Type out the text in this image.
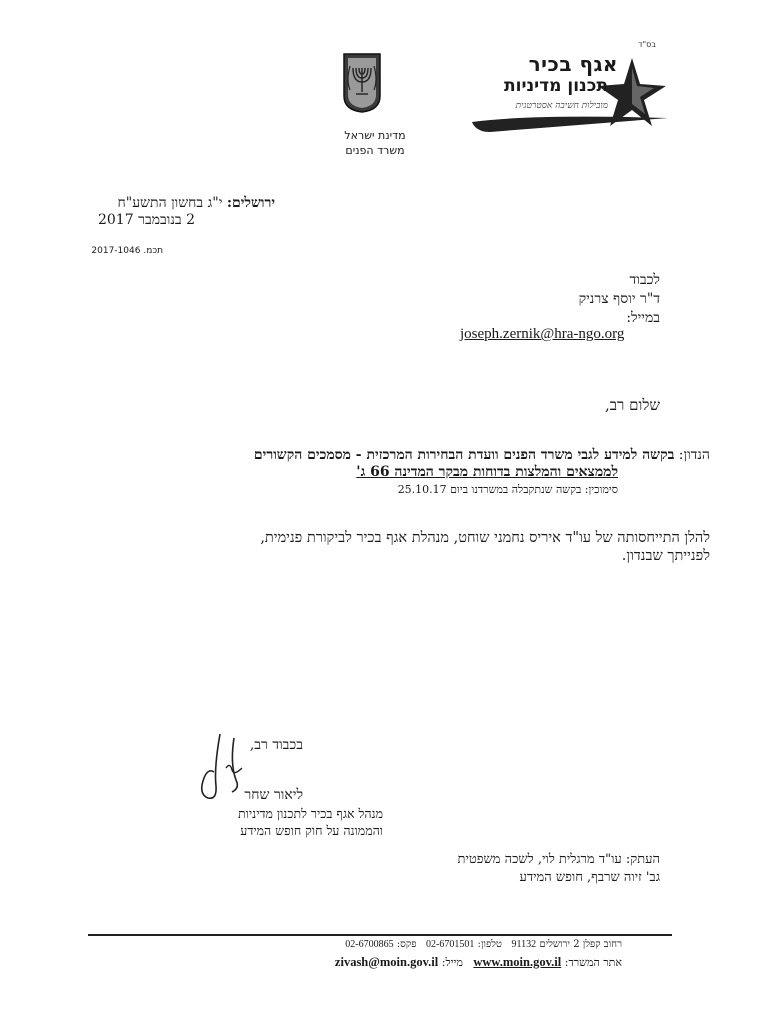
בס"ד
מדינת ישראל
משרד הפנים
אגף בכיר
תכנון מדיניות
מובילות חשיבה אסטרטגית
ירושלים: י"ג בחשון התשע"ח
2 בנובמבר 2017
תכמ. 2017-1046
לכבוד
ד"ר יוסף צרניק
במייל:
joseph.zernik@hra-ngo.org
שלום רב,
הנדון: בקשה למידע לגבי משרד הפנים וועדת הבחירות המרכזית - מסמכים הקשורים
לממצאים והמלצות בדוחות מבקר המדינה 66 ג'
סימוכין: בקשה שנתקבלה במשרדנו ביום 25.10.17
להלן התייחסותה של עו"ד איריס נחמני שוחט, מנהלת אגף בכיר לביקורת פנימית,
לפנייתך שבנדון.
בכבוד רב,
ליאור שחר
מנהל אגף בכיר לתכנון מדיניות
והממונה על חוק חופש המידע
העתק: עו"ד מרגלית לוי, לשכה משפטית
גב' זיוה שרבף, חופש המידע
רחוב קפלן 2 ירושלים 91132   טלפון: 02-6701501   פקס: 02-6700865
אתר המשרד: www.moin.gov.il   מייל: zivash@moin.gov.il
